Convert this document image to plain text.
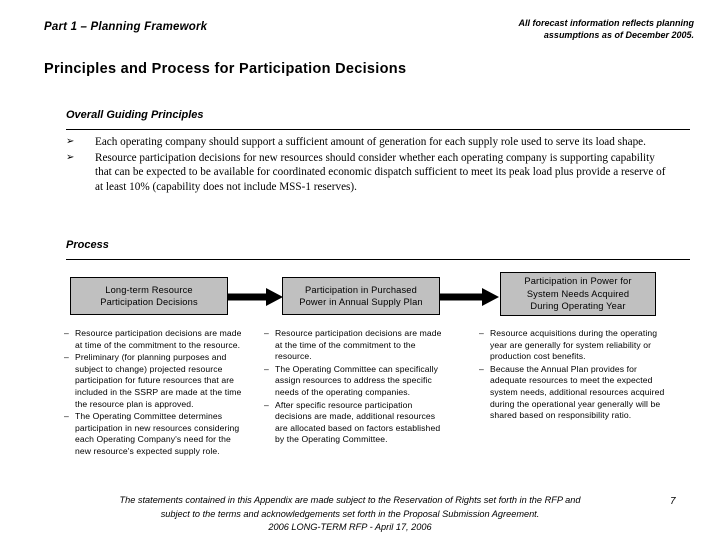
Part 1 – Planning Framework	All forecast information reflects planning
assumptions as of December 2005.
Principles and Process for Participation Decisions
Overall Guiding Principles
➢ Each operating company should support a sufficient amount of generation for each supply role used to serve its load shape.
➢ Resource participation decisions for new resources should consider whether each operating company is supporting capability that can be expected to be available for coordinated economic dispatch sufficient to meet its peak load plus provide a reserve of at least 10% (capability does not include MSS-1 reserves).
Process
Long-term Resource
Participation Decisions
Participation in Purchased
Power in Annual Supply Plan
Participation in Power for
System Needs Acquired
During Operating Year
– Resource participation decisions are made at time of the commitment to the resource.
– Preliminary (for planning purposes and subject to change) projected resource participation for future resources that are included in the SSRP are made at the time the resource plan is approved.
– The Operating Committee determines participation in new resources considering each Operating Company's need for the new resource's expected supply role.
– Resource participation decisions are made at the time of the commitment to the resource.
– The Operating Committee can specifically assign resources to address the specific needs of the operating companies.
– After specific resource participation decisions are made, additional resources are allocated based on factors established by the Operating Committee.
– Resource acquisitions during the operating year are generally for system reliability or production cost benefits.
– Because the Annual Plan provides for adequate resources to meet the expected system needs, additional resources acquired during the operational year generally will be shared based on responsibility ratio.
The statements contained in this Appendix are made subject to the Reservation of Rights set forth in the RFP and
subject to the terms and acknowledgements set forth in the Proposal Submission Agreement.
2006 LONG-TERM RFP - April 17, 2006
7
